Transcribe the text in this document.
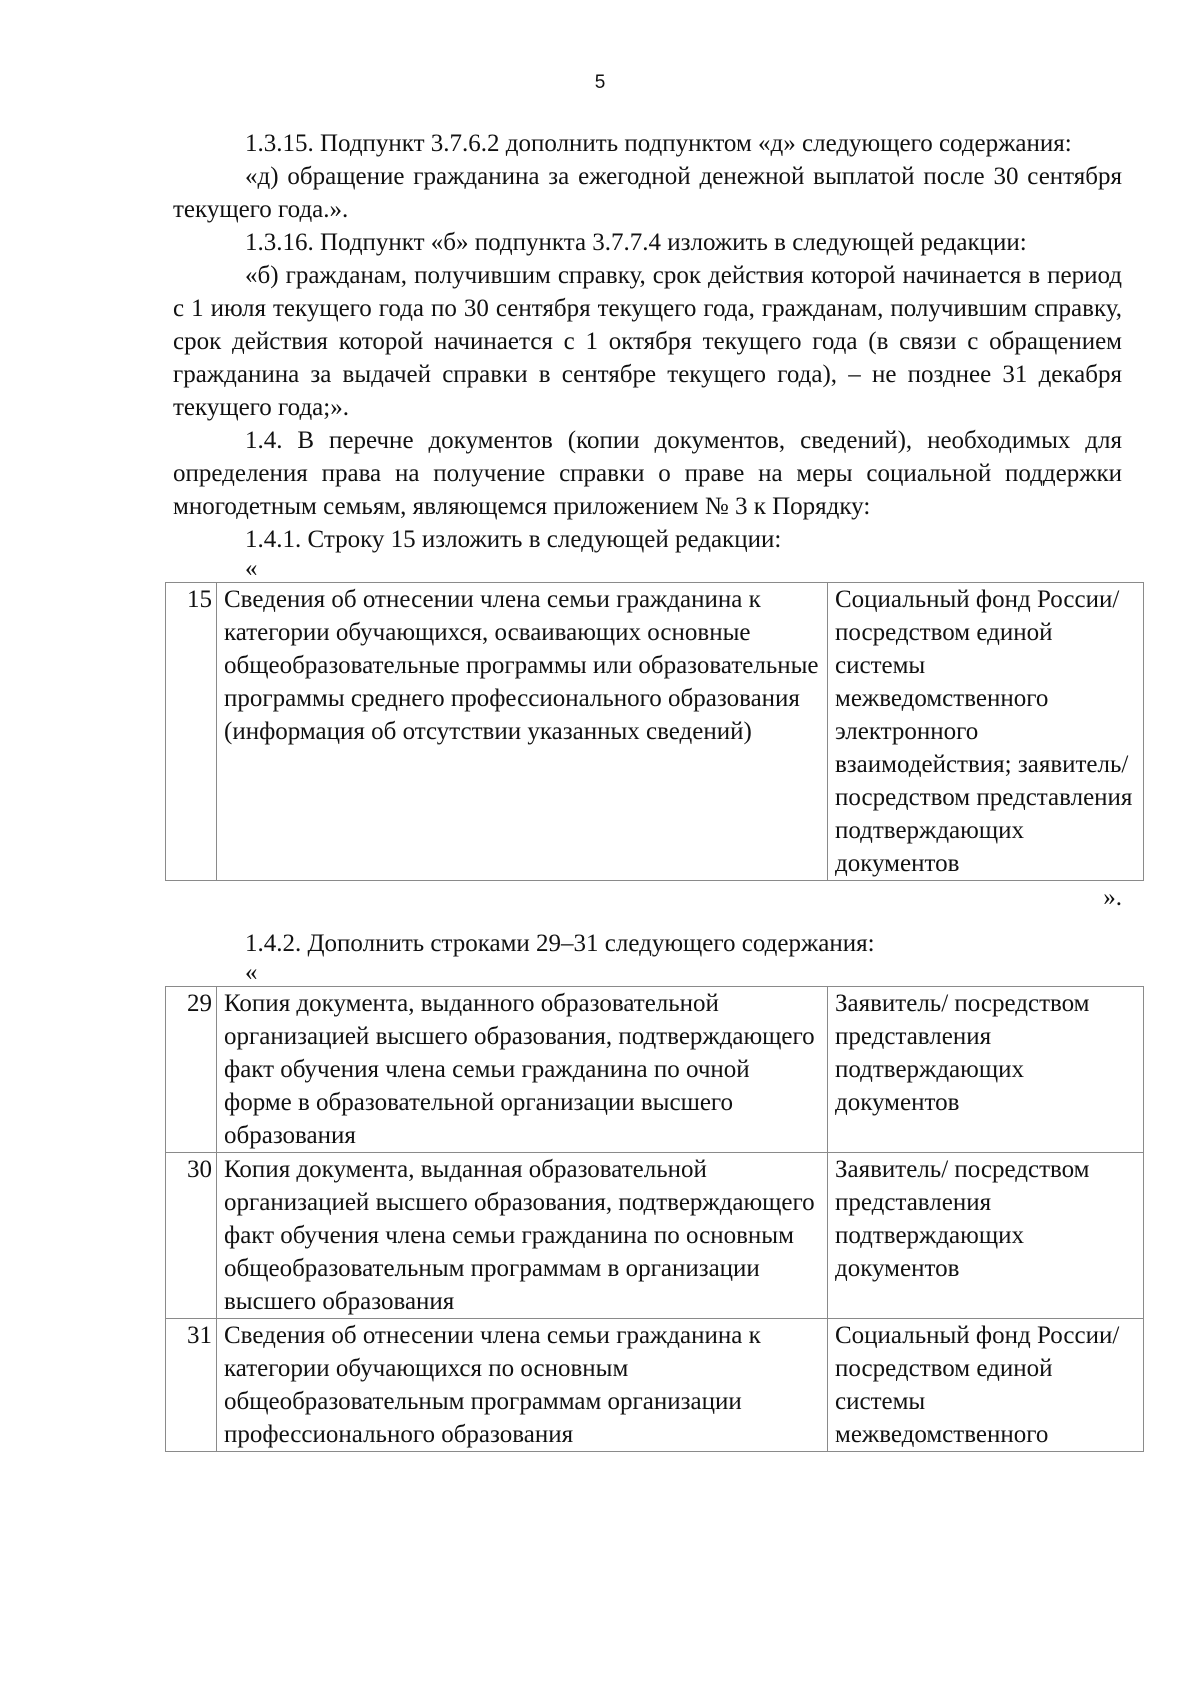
5

1.3.15. Подпункт 3.7.6.2 дополнить подпунктом «д» следующего содержания:

«д) обращение гражданина за ежегодной денежной выплатой после 30 сентября текущего года.».

1.3.16. Подпункт «б» подпункта 3.7.7.4 изложить в следующей редакции:

«б) гражданам, получившим справку, срок действия которой начинается в период с 1 июля текущего года по 30 сентября текущего года, гражданам, получившим справку, срок действия которой начинается с 1 октября текущего года (в связи с обращением гражданина за выдачей справки в сентябре текущего года), – не позднее 31 декабря текущего года;».

1.4. В перечне документов (копии документов, сведений), необходимых для определения права на получение справки о праве на меры социальной поддержки многодетным семьям, являющемся приложением № 3 к Порядку:

1.4.1. Строку 15 изложить в следующей редакции:

«
15	Сведения об отнесении члена семьи гражданина к категории обучающихся, осваивающих основные общеобразовательные программы или образовательные программы среднего профессионального образования (информация об отсутствии указанных сведений)	Социальный фонд России/ посредством единой системы межведомственного электронного взаимодействия; заявитель/ посредством представления подтверждающих документов
».

1.4.2. Дополнить строками 29–31 следующего содержания:

«
29	Копия документа, выданного образовательной организацией высшего образования, подтверждающего факт обучения члена семьи гражданина по очной форме в образовательной организации высшего образования	Заявитель/ посредством представления подтверждающих документов
30	Копия документа, выданная образовательной организацией высшего образования, подтверждающего факт обучения члена семьи гражданина по основным общеобразовательным программам в организации высшего образования	Заявитель/ посредством представления подтверждающих документов
31	Сведения об отнесении члена семьи гражданина к категории обучающихся по основным общеобразовательным программам организации профессионального образования	Социальный фонд России/ посредством единой системы межведомственного
